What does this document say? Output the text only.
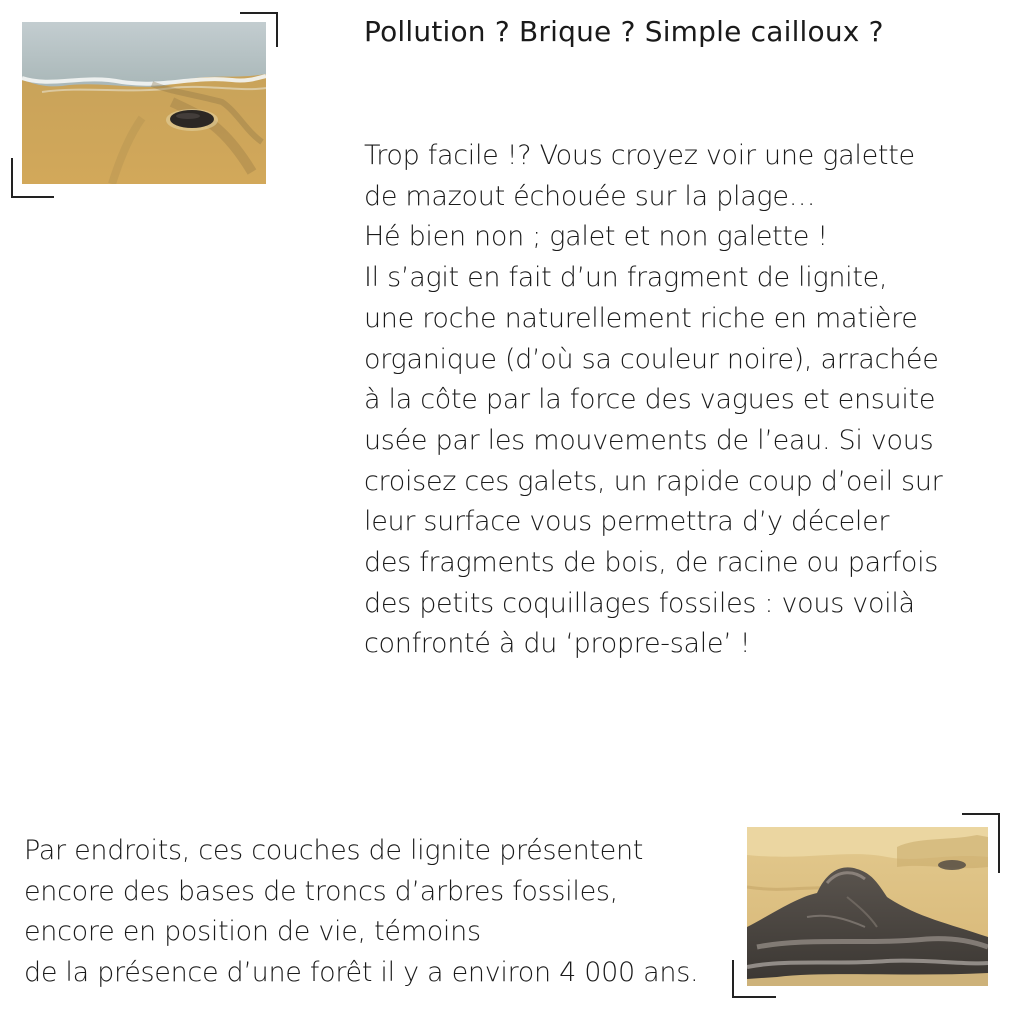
Pollution ? Brique ? Simple cailloux ?

Trop facile !? Vous croyez voir une galette
de mazout échouée sur la plage…
Hé bien non ; galet et non galette !
Il s’agit en fait d’un fragment de lignite,
une roche naturellement riche en matière
organique (d’où sa couleur noire), arrachée
à la côte par la force des vagues et ensuite
usée par les mouvements de l’eau. Si vous
croisez ces galets, un rapide coup d’oeil sur
leur surface vous permettra d’y déceler
des fragments de bois, de racine ou parfois
des petits coquillages fossiles : vous voilà
confronté à du ‘propre-sale’ !

Par endroits, ces couches de lignite présentent
encore des bases de troncs d’arbres fossiles,
encore en position de vie, témoins
de la présence d’une forêt il y a environ 4 000 ans.
